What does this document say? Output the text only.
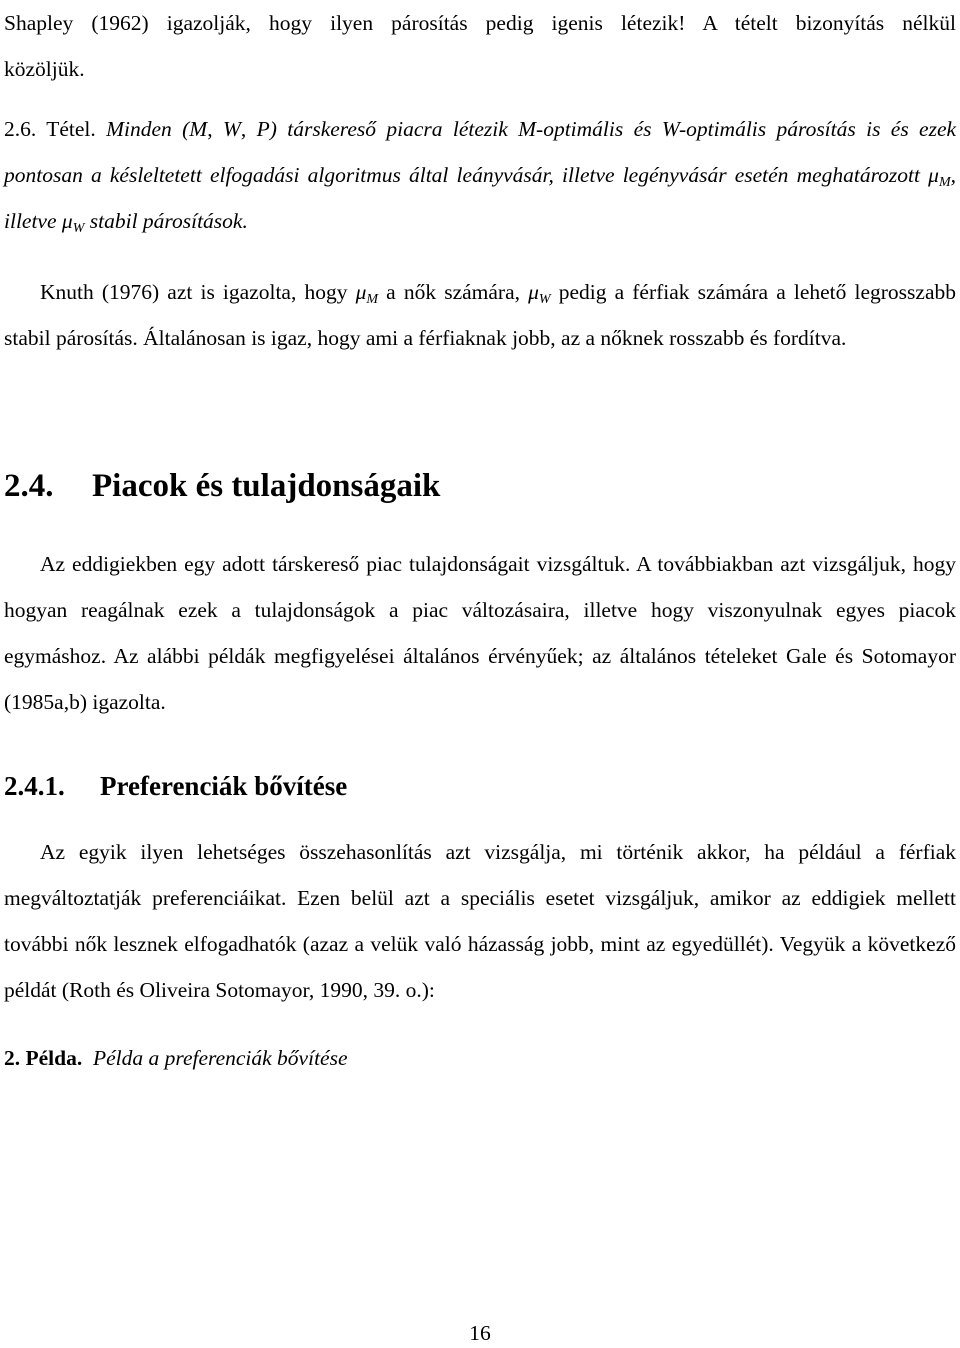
Shapley (1962) igazolják, hogy ilyen párosítás pedig igenis létezik! A tételt bizonyítás nélkül

közöljük.

2.6. Tétel. Minden (M, W, P) társkereső piacra létezik M-optimális és W-optimális párosítás is és ezek pontosan a késleltetett elfogadási algoritmus által leányvásár, illetve legényvásár esetén meghatározott $\mu_M$, illetve $\mu_W$ stabil párosítások.

Knuth (1976) azt is igazolta, hogy $\mu_M$ a nők számára, $\mu_W$ pedig a férfiak számára a lehető legrosszabb stabil párosítás. Általánosan is igaz, hogy ami a férfiaknak jobb, az a nőknek rosszabb és fordítva.

2.4. Piacok és tulajdonságaik

Az eddigiekben egy adott társkereső piac tulajdonságait vizsgáltuk. A továbbiakban azt vizsgáljuk, hogy hogyan reagálnak ezek a tulajdonságok a piac változásaira, illetve hogy viszonyulnak egyes piacok egymáshoz. Az alábbi példák megfigyelései általános érvényűek; az általános tételeket Gale és Sotomayor (1985a,b) igazolta.

2.4.1. Preferenciák bővítése

Az egyik ilyen lehetséges összehasonlítás azt vizsgálja, mi történik akkor, ha például a férfiak megváltoztatják preferenciáikat. Ezen belül azt a speciális esetet vizsgáljuk, amikor az eddigiek mellett további nők lesznek elfogadhatók (azaz a velük való házasság jobb, mint az egyedüllét). Vegyük a következő példát (Roth és Oliveira Sotomayor, 1990, 39. o.):

2. Példa. Példa a preferenciák bővítése

16
